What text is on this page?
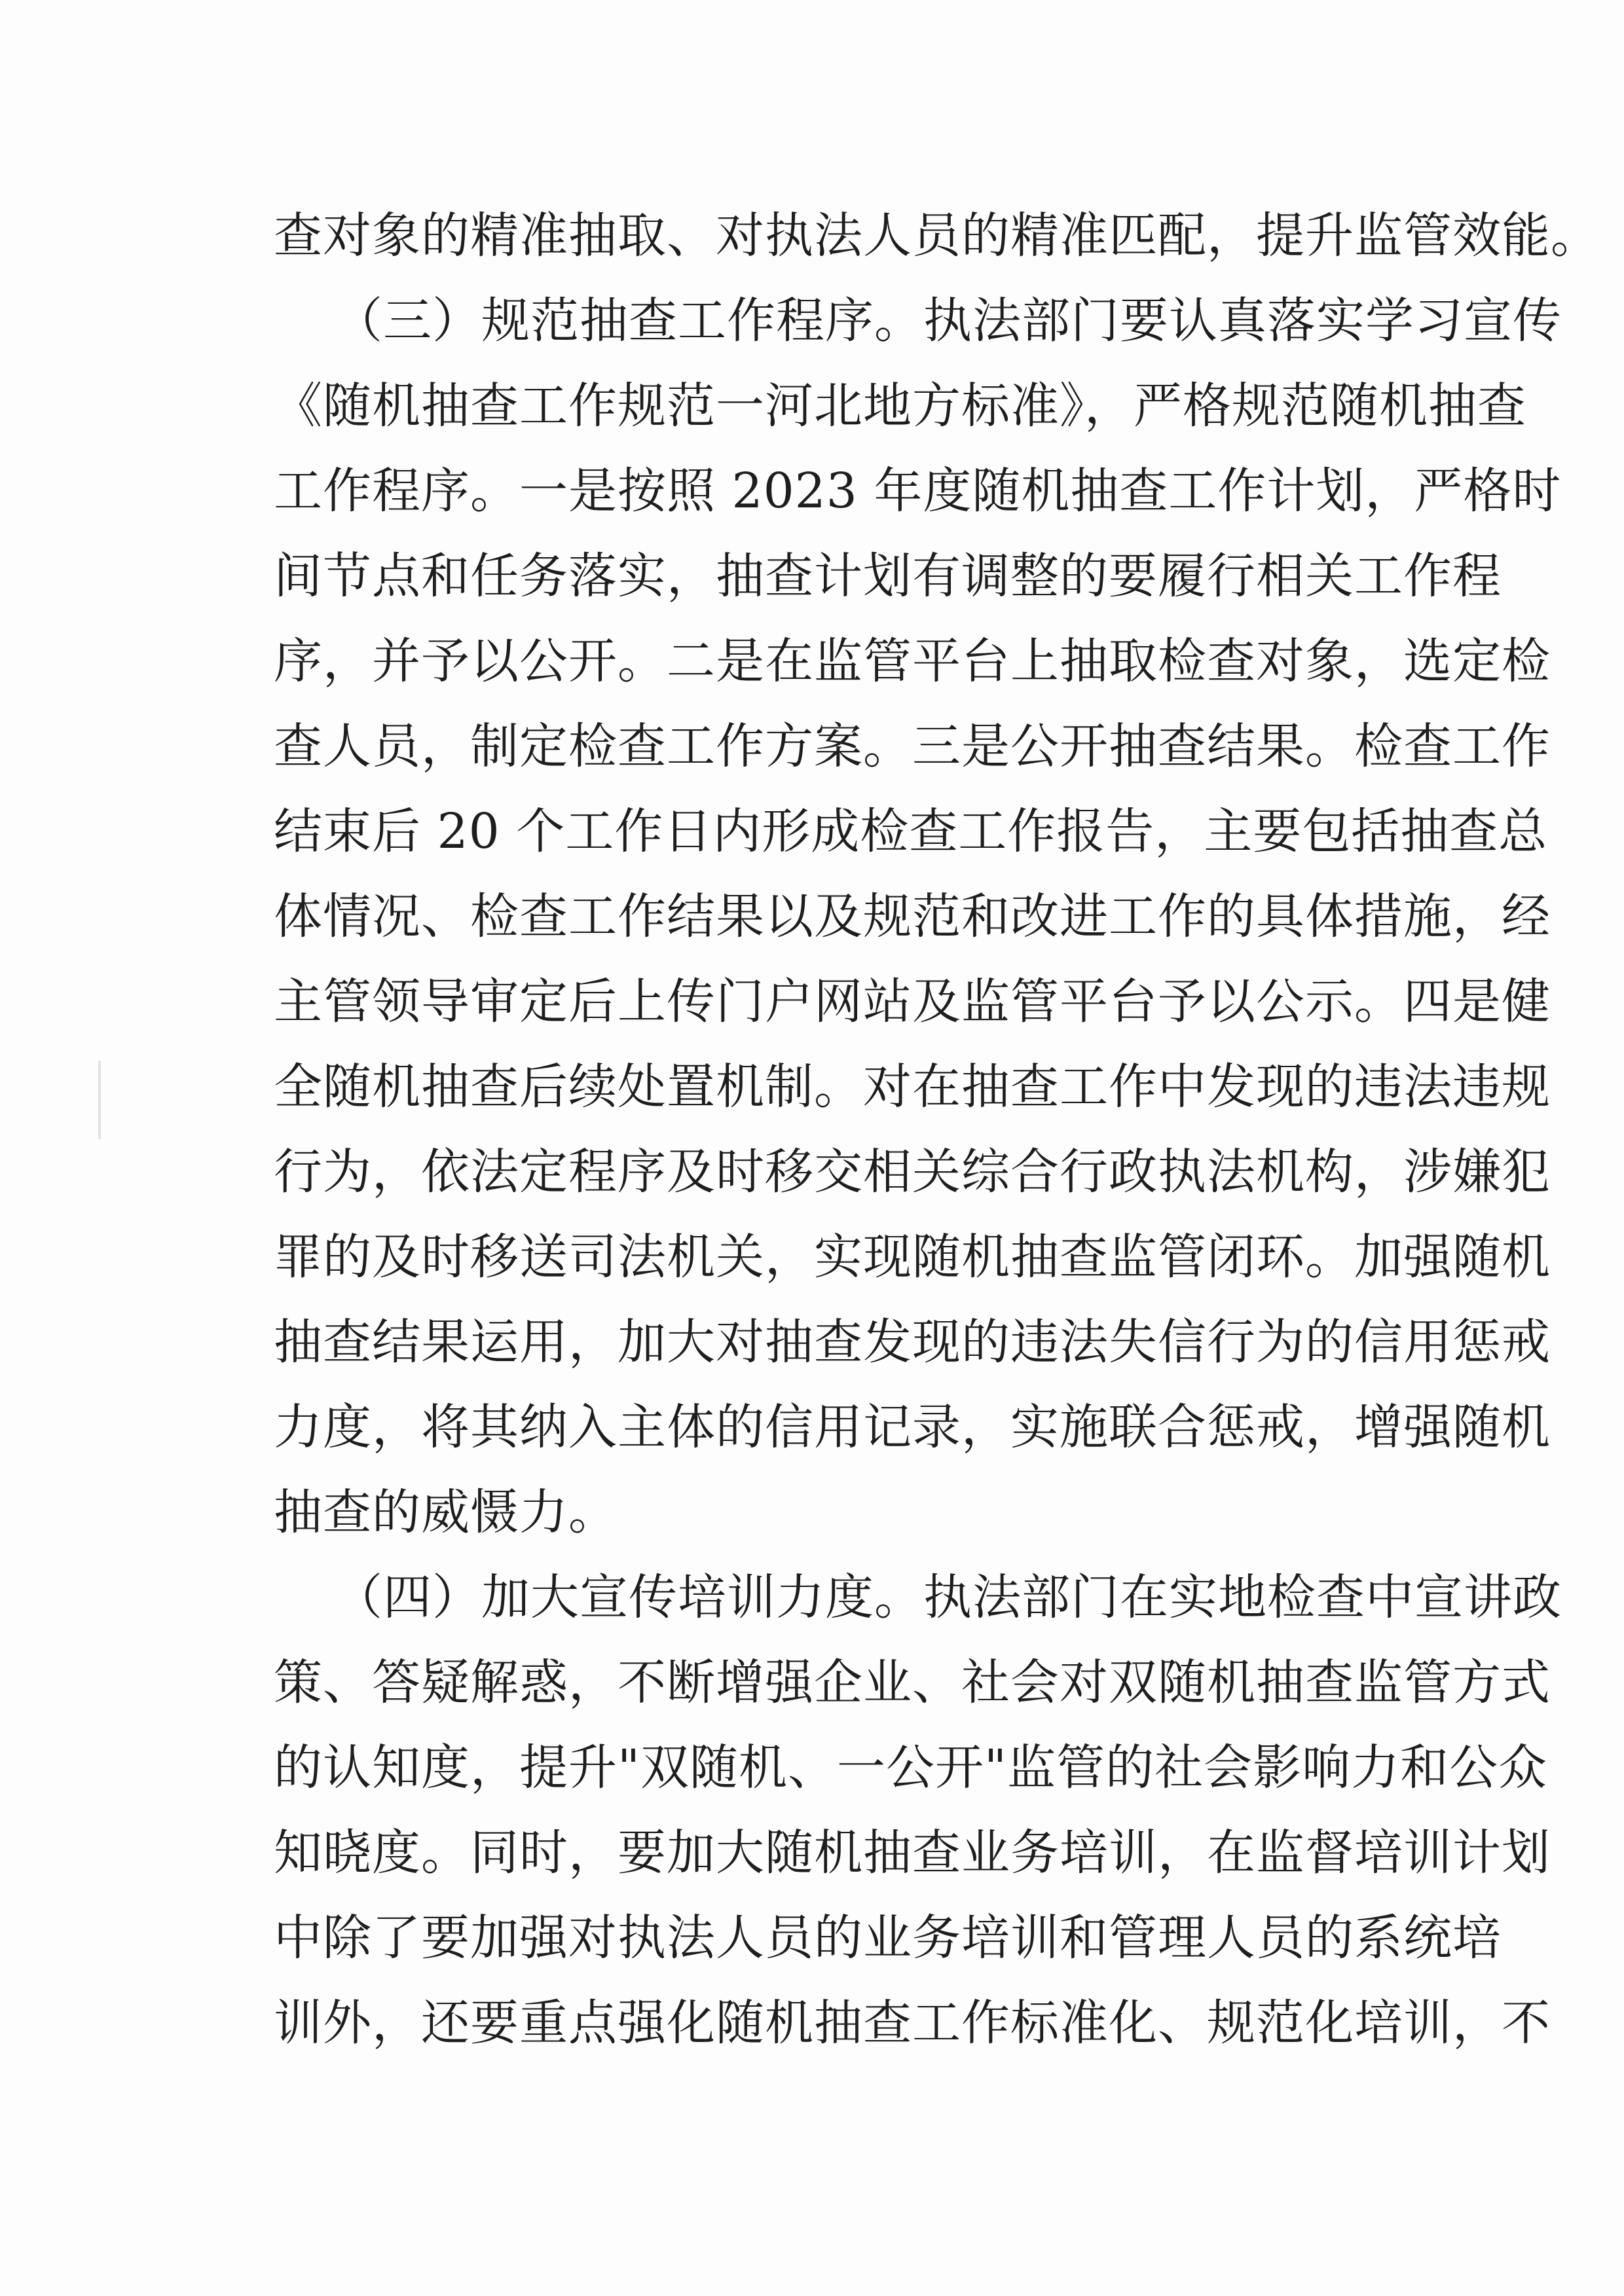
查对象的精准抽取、对执法人员的精准匹配，提升监管效能。
（三）规范抽查工作程序。执法部门要认真落实学习宣传
《随机抽查工作规范一河北地方标准》，严格规范随机抽查
工作程序。一是按照 2023 年度随机抽查工作计划，严格时
间节点和任务落实，抽查计划有调整的要履行相关工作程
序，并予以公开。二是在监管平台上抽取检查对象，选定检
查人员，制定检查工作方案。三是公开抽查结果。检查工作
结束后 20 个工作日内形成检查工作报告，主要包括抽查总
体情况、检查工作结果以及规范和改进工作的具体措施，经
主管领导审定后上传门户网站及监管平台予以公示。四是健
全随机抽查后续处置机制。对在抽查工作中发现的违法违规
行为，依法定程序及时移交相关综合行政执法机构，涉嫌犯
罪的及时移送司法机关，实现随机抽查监管闭环。加强随机
抽查结果运用，加大对抽查发现的违法失信行为的信用惩戒
力度，将其纳入主体的信用记录，实施联合惩戒，增强随机
抽查的威慑力。
（四）加大宣传培训力度。执法部门在实地检查中宣讲政
策、答疑解惑，不断增强企业、社会对双随机抽查监管方式
的认知度，提升"双随机、一公开"监管的社会影响力和公众
知晓度。同时，要加大随机抽查业务培训，在监督培训计划
中除了要加强对执法人员的业务培训和管理人员的系统培
训外，还要重点强化随机抽查工作标准化、规范化培训，不
